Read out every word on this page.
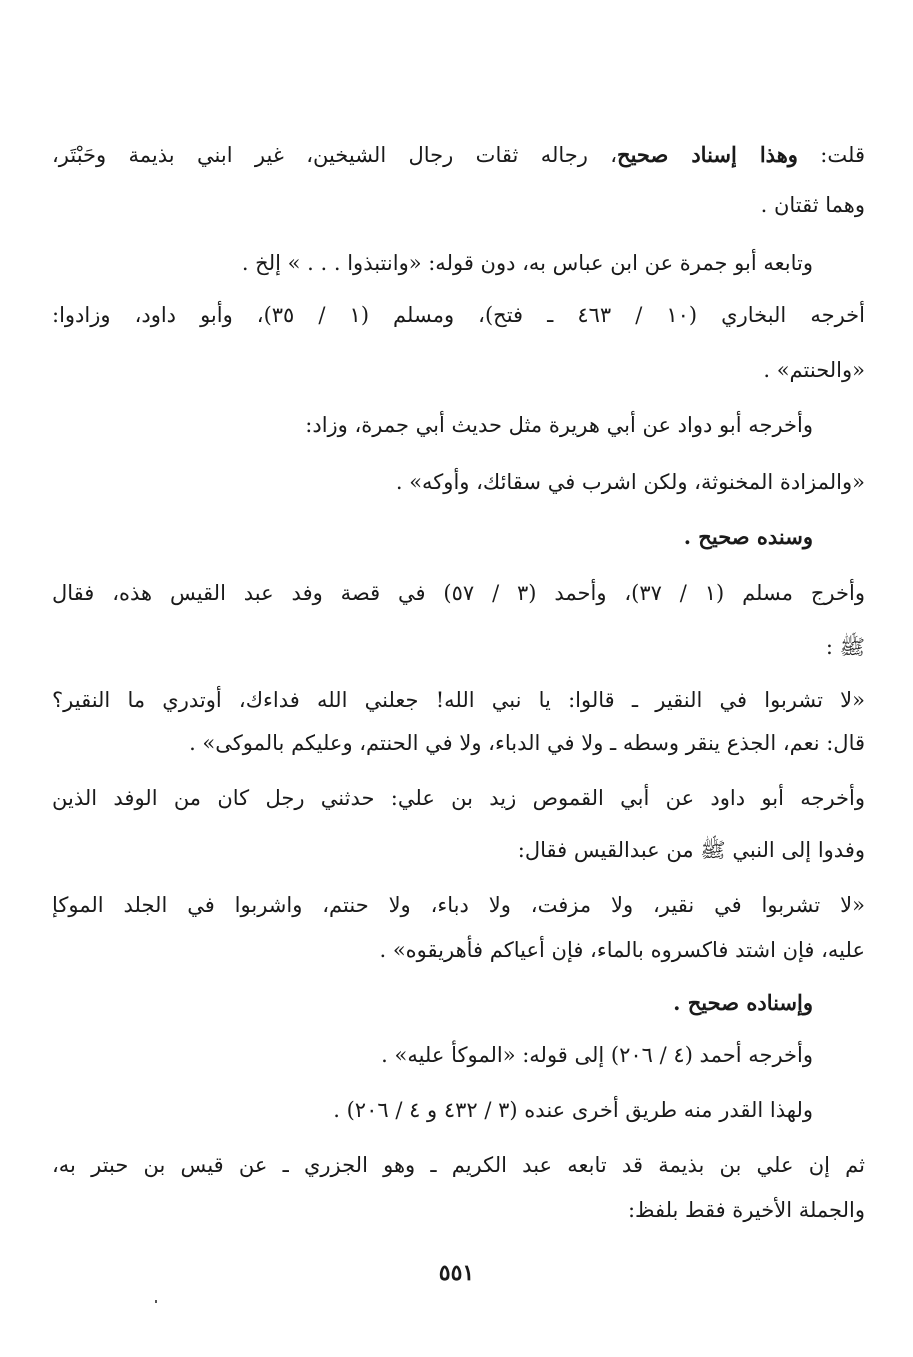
قلت: وهذا إسناد صحيح، رجاله ثقات رجال الشيخين، غير ابني بذيمة وحَبْتَر،
وهما ثقتان .
وتابعه أبو جمرة عن ابن عباس به، دون قوله: «وانتبذوا . . . » إلخ .
أخرجه البخاري (١٠ / ٤٦٣ ـ فتح)، ومسلم (١ / ٣٥)، وأبو داود، وزادوا:
«والحنتم» .
وأخرجه أبو دواد عن أبي هريرة مثل حديث أبي جمرة، وزاد:
«والمزادة المخنوثة، ولكن اشرب في سقائك، وأوكه» .
وسنده صحيح .
وأخرج مسلم (١ / ٣٧)، وأحمد (٣ / ٥٧) في قصة وفد عبد القيس هذه، فقال
ﷺ :
«لا تشربوا في النقير ـ قالوا: يا نبي الله! جعلني الله فداءك، أوتدري ما النقير؟
قال: نعم، الجذع ينقر وسطه ـ ولا في الدباء، ولا في الحنتم، وعليكم بالموكى» .
وأخرجه أبو داود عن أبي القموص زيد بن علي: حدثني رجل كان من الوفد الذين
وفدوا إلى النبي ﷺ من عبدالقيس فقال:
«لا تشربوا في نقير، ولا مزفت، ولا دباء، ولا حنتم، واشربوا في الجلد الموكإ
عليه، فإن اشتد فاكسروه بالماء، فإن أعياكم فأهريقوه» .
وإسناده صحيح .
وأخرجه أحمد (٤ / ٢٠٦) إلى قوله: «الموكأ عليه» .
ولهذا القدر منه طريق أخرى عنده (٣ / ٤٣٢ و ٤ / ٢٠٦) .
ثم إن علي بن بذيمة قد تابعه عبد الكريم ـ وهو الجزري ـ عن قيس بن حبتر به،
والجملة الأخيرة فقط بلفظ:
٥٥١
